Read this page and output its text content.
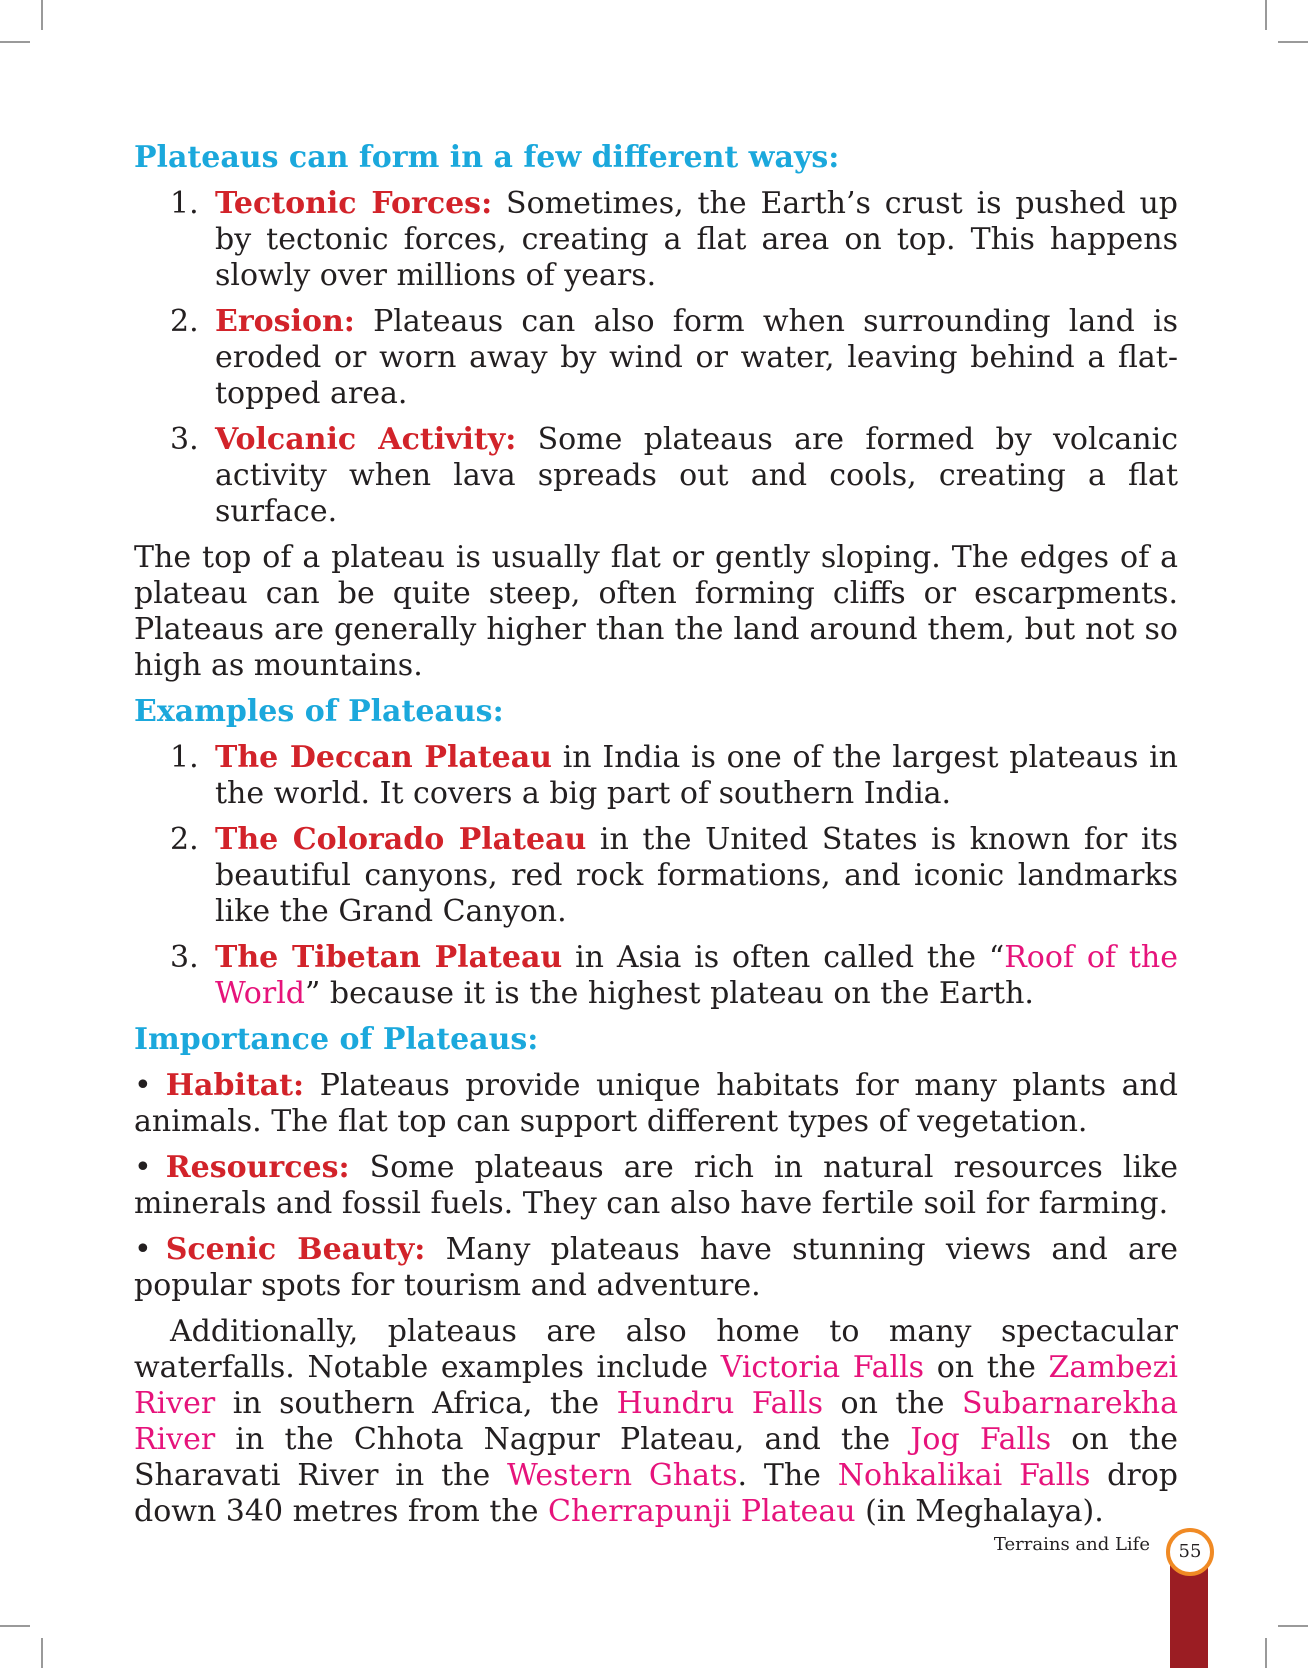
Plateaus can form in a few different ways:
1. Tectonic Forces: Sometimes, the Earth’s crust is pushed up by tectonic forces, creating a flat area on top. This happens slowly over millions of years.
2. Erosion: Plateaus can also form when surrounding land is eroded or worn away by wind or water, leaving behind a flat-topped area.
3. Volcanic Activity: Some plateaus are formed by volcanic activity when lava spreads out and cools, creating a flat surface.

The top of a plateau is usually flat or gently sloping. The edges of a plateau can be quite steep, often forming cliffs or escarpments. Plateaus are generally higher than the land around them, but not so high as mountains.

Examples of Plateaus:
1. The Deccan Plateau in India is one of the largest plateaus in the world. It covers a big part of southern India.
2. The Colorado Plateau in the United States is known for its beautiful canyons, red rock formations, and iconic landmarks like the Grand Canyon.
3. The Tibetan Plateau in Asia is often called the “Roof of the World” because it is the highest plateau on the Earth.
Importance of Plateaus:

• Habitat: Plateaus provide unique habitats for many plants and animals. The flat top can support different types of vegetation.

• Resources: Some plateaus are rich in natural resources like minerals and fossil fuels. They can also have fertile soil for farming.

• Scenic Beauty: Many plateaus have stunning views and are popular spots for tourism and adventure.

Additionally, plateaus are also home to many spectacular waterfalls. Notable examples include Victoria Falls on the Zambezi River in southern Africa, the Hundru Falls on the Subarnarekha River in the Chhota Nagpur Plateau, and the Jog Falls on the Sharavati River in the Western Ghats. The Nohkalikai Falls drop down 340 metres from the Cherrapunji Plateau (in Meghalaya).

Terrains and Life	55
